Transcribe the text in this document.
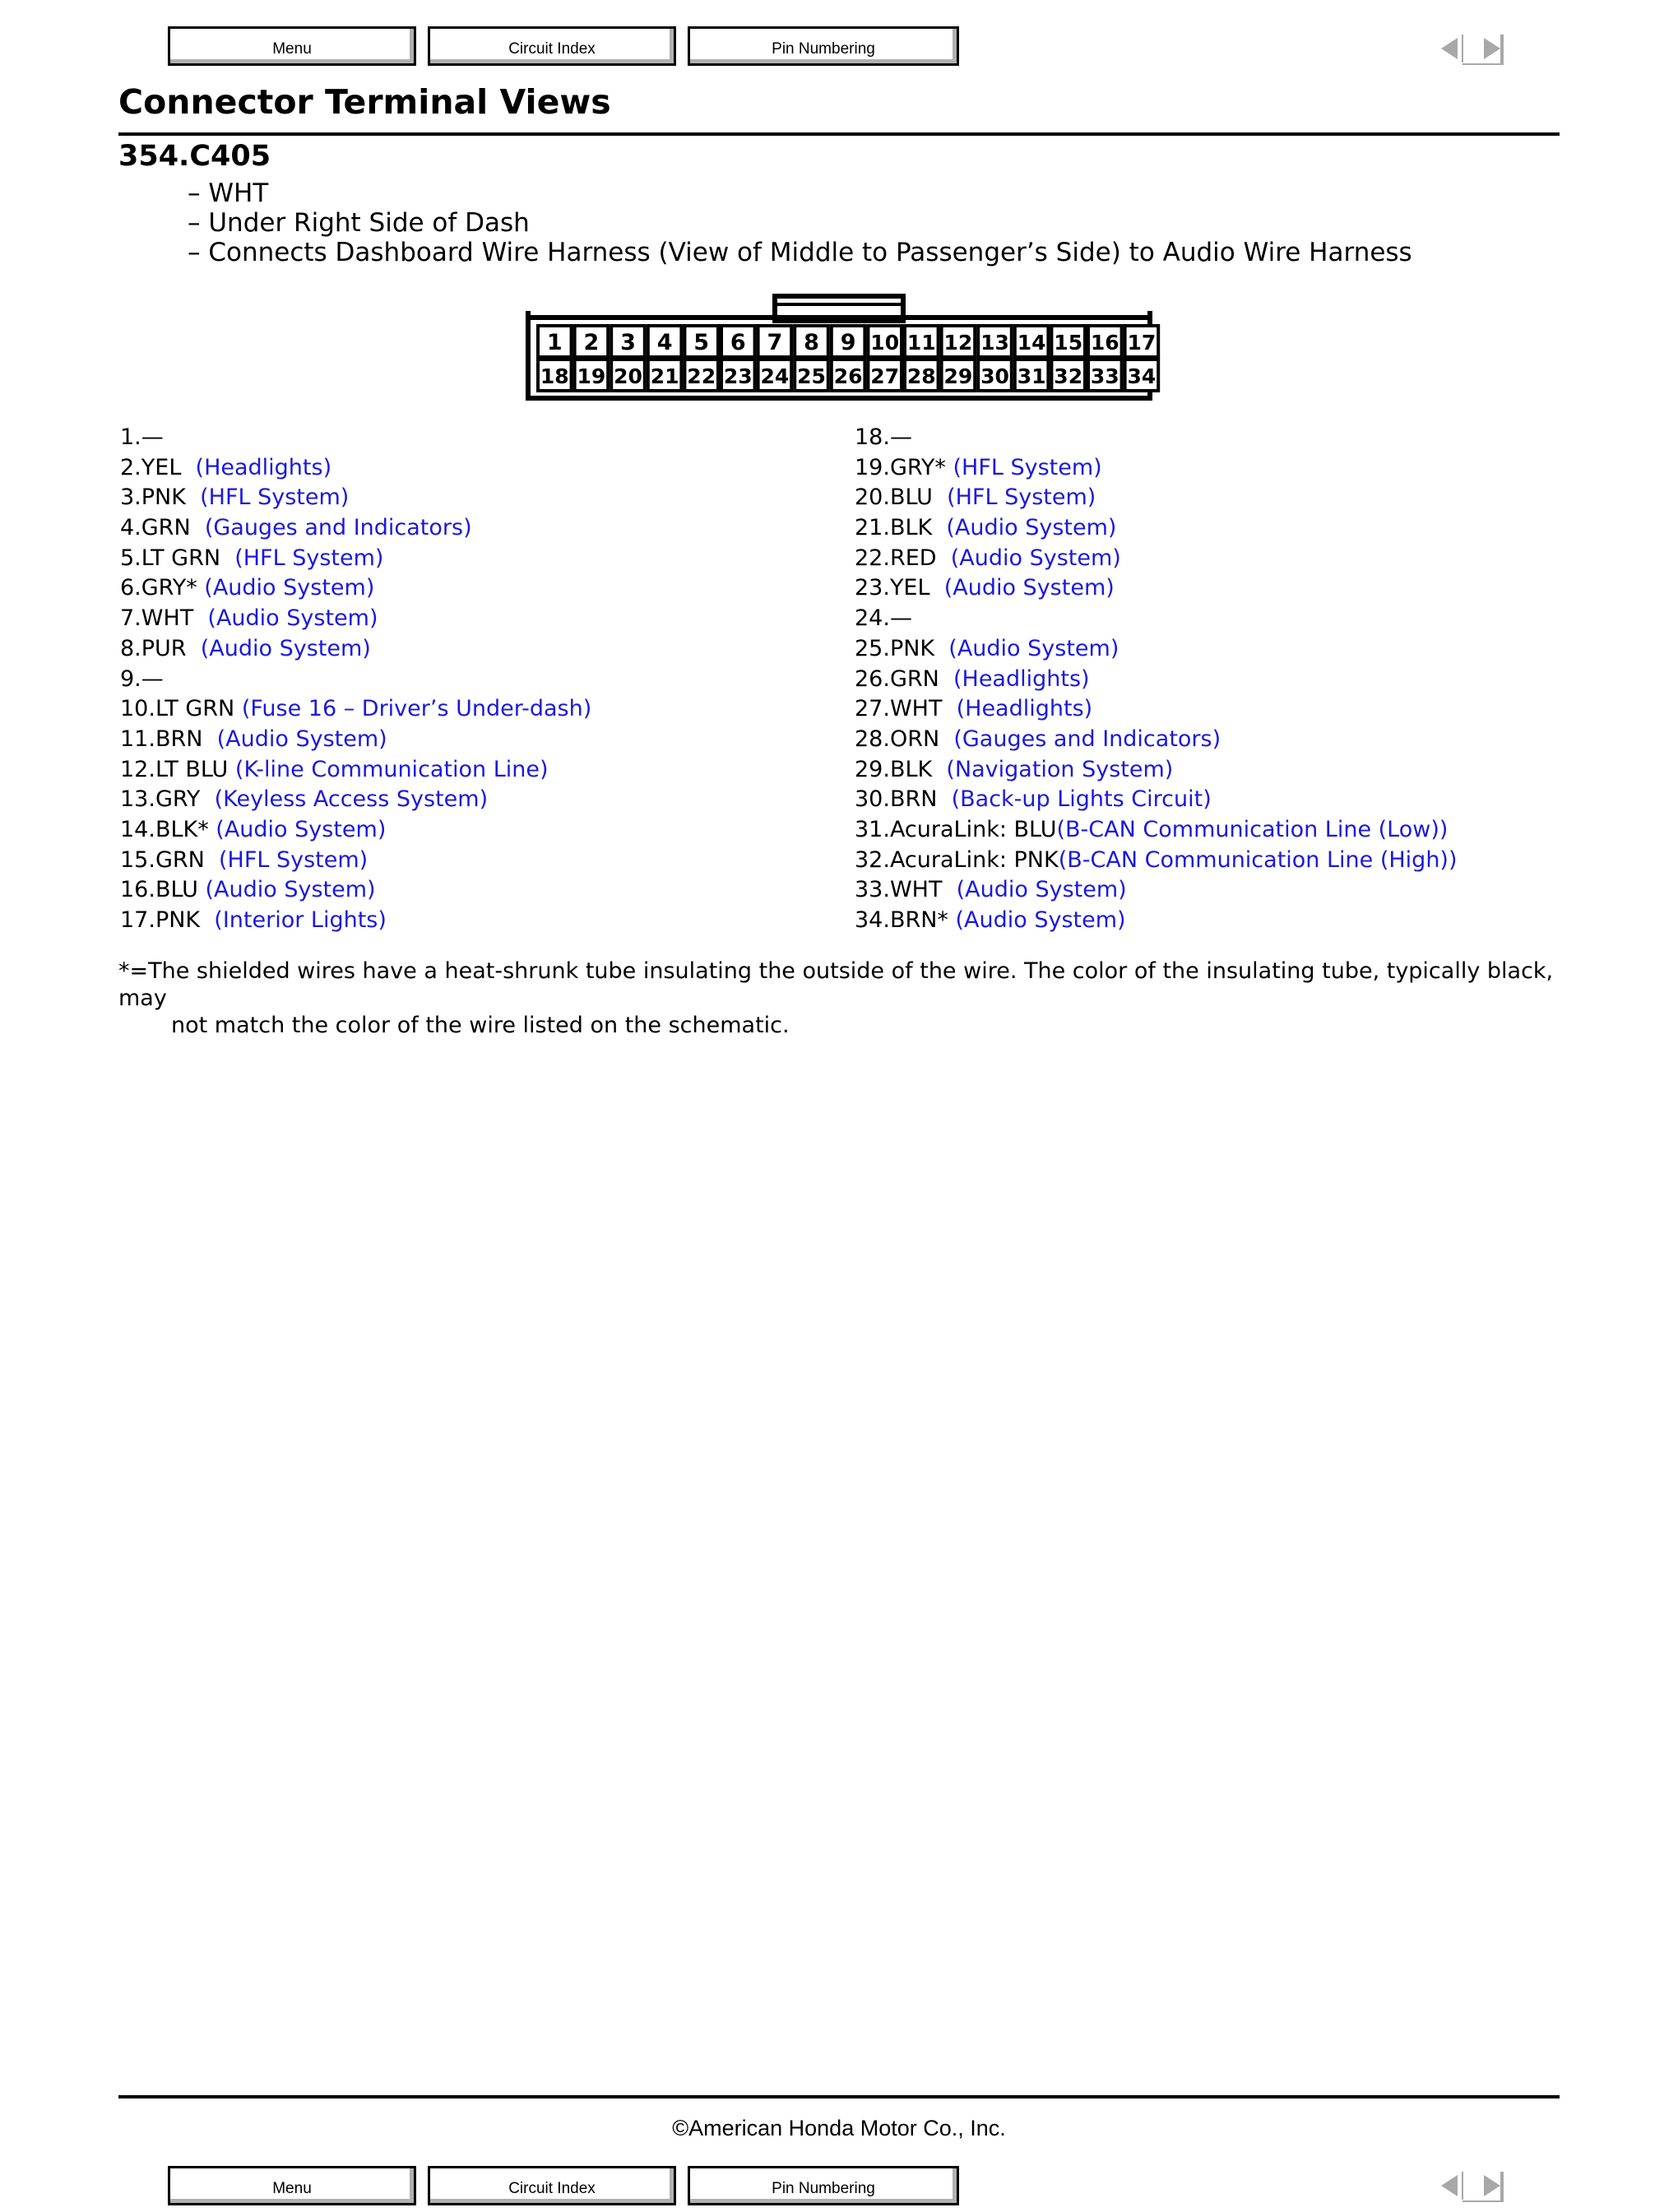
Menu	Circuit Index	Pin Numbering
Connector Terminal Views
354.C405
– WHT
– Under Right Side of Dash
– Connects Dashboard Wire Harness (View of Middle to Passenger’s Side) to Audio Wire Harness
1 2 3 4 5 6 7 8 9 10 11 12 13 14 15 16 17
18 19 20 21 22 23 24 25 26 27 28 29 30 31 32 33 34
1.—
2.YEL  (Headlights)
3.PNK  (HFL System)
4.GRN  (Gauges and Indicators)
5.LT GRN  (HFL System)
6.GRY* (Audio System)
7.WHT  (Audio System)
8.PUR  (Audio System)
9.—
10.LT GRN (Fuse 16 – Driver’s Under-dash)
11.BRN  (Audio System)
12.LT BLU (K-line Communication Line)
13.GRY  (Keyless Access System)
14.BLK* (Audio System)
15.GRN  (HFL System)
16.BLU (Audio System)
17.PNK  (Interior Lights)
18.—
19.GRY* (HFL System)
20.BLU  (HFL System)
21.BLK  (Audio System)
22.RED  (Audio System)
23.YEL  (Audio System)
24.—
25.PNK  (Audio System)
26.GRN  (Headlights)
27.WHT  (Headlights)
28.ORN  (Gauges and Indicators)
29.BLK  (Navigation System)
30.BRN  (Back-up Lights Circuit)
31.AcuraLink: BLU(B-CAN Communication Line (Low))
32.AcuraLink: PNK(B-CAN Communication Line (High))
33.WHT  (Audio System)
34.BRN* (Audio System)
*=The shielded wires have a heat-shrunk tube insulating the outside of the wire. The color of the insulating tube, typically black, may
not match the color of the wire listed on the schematic.
©American Honda Motor Co., Inc.
Menu	Circuit Index	Pin Numbering
